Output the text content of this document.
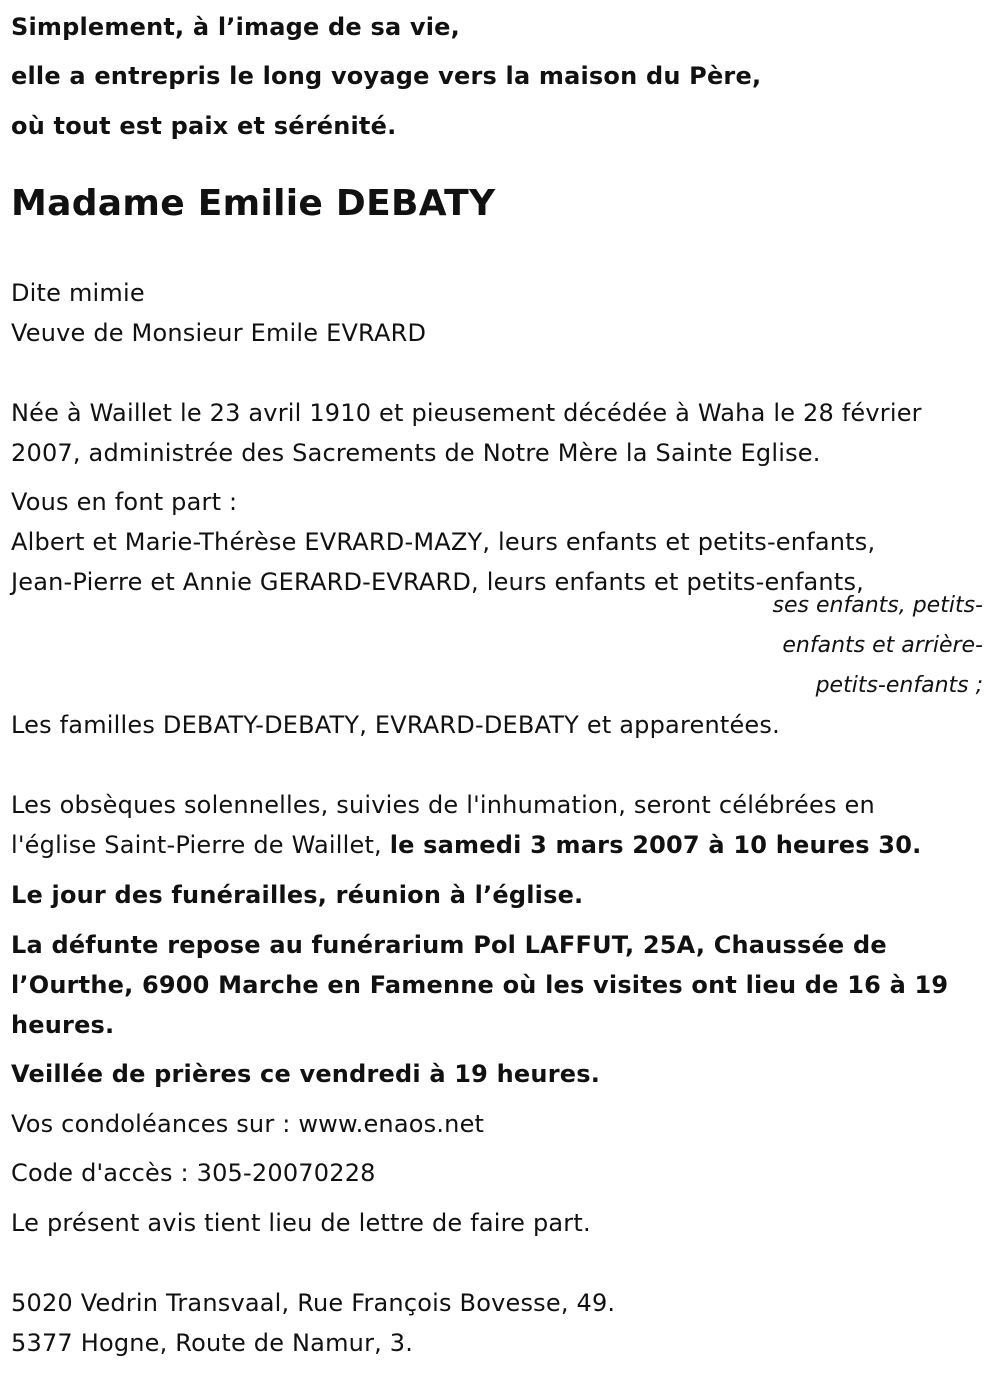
Simplement, à l’image de sa vie,
elle a entrepris le long voyage vers la maison du Père,
où tout est paix et sérénité.
Madame Emilie DEBATY
Dite mimie
Veuve de Monsieur Emile EVRARD
Née à Waillet le 23 avril 1910 et pieusement décédée à Waha le 28 février
2007, administrée des Sacrements de Notre Mère la Sainte Eglise.
Vous en font part :
Albert et Marie-Thérèse EVRARD-MAZY, leurs enfants et petits-enfants,
Jean-Pierre et Annie GERARD-EVRARD, leurs enfants et petits-enfants,
ses enfants, petits-
enfants et arrière-
petits-enfants ;
Les familles DEBATY-DEBATY, EVRARD-DEBATY et apparentées.
Les obsèques solennelles, suivies de l'inhumation, seront célébrées en
l'église Saint-Pierre de Waillet, le samedi 3 mars 2007 à 10 heures 30.
Le jour des funérailles, réunion à l’église.
La défunte repose au funérarium Pol LAFFUT, 25A, Chaussée de
l’Ourthe, 6900 Marche en Famenne où les visites ont lieu de 16 à 19
heures.
Veillée de prières ce vendredi à 19 heures.
Vos condoléances sur : www.enaos.net
Code d'accès : 305-20070228
Le présent avis tient lieu de lettre de faire part.
5020 Vedrin Transvaal, Rue François Bovesse, 49.
5377 Hogne, Route de Namur, 3.
